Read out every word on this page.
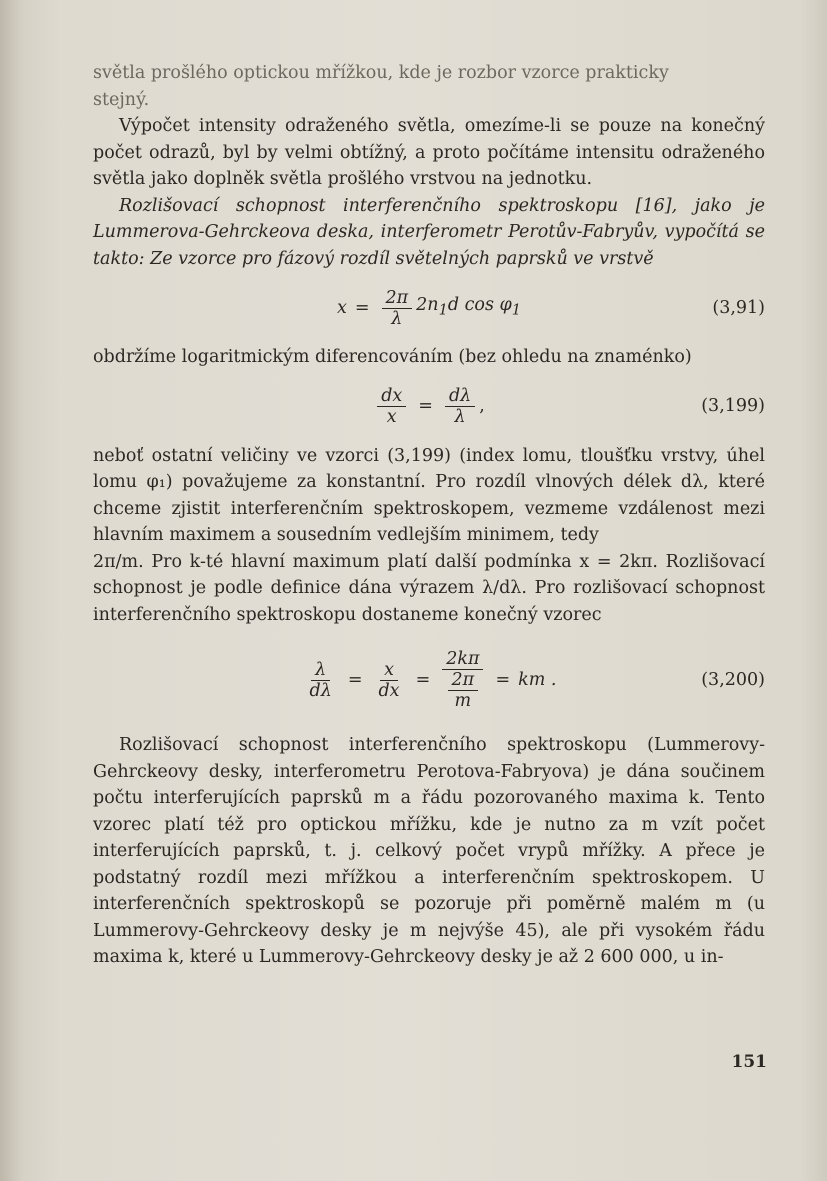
světla prošlého optickou mřížkou, kde je rozbor vzorce prakticky

stejný.

Výpočet intensity odraženého světla, omezíme-li se pouze na konečný počet odrazů, byl by velmi obtížný, a proto počítáme intensitu odraženého světla jako doplněk světla prošlého vrstvou na jednotku.

Rozlišovací schopnost interferenčního spektroskopu [16], jako je Lummerova-Gehrckeova deska, interferometr Perotův-Fabryův, vypočítá se takto: Ze vzorce pro fázový rozdíl světelných paprsků ve vrstvě

$x = \frac{2\pi}{\lambda} 2n_1d$ $\cos \varphi_1$	(3,91)

obdržíme logaritmickým diferencováním (bez ohledu na znaménko)

$\frac{dx}{x} = \frac{d\lambda}{\lambda}$ ,	(3,199)

neboť ostatní veličiny ve vzorci (3,199) (index lomu, tloušťku vrstvy, úhel lomu φ₁) považujeme za konstantní. Pro rozdíl vlnových délek dλ, které chceme zjistit interferenčním spektroskopem, vezmeme vzdálenost mezi hlavním maximem a sousedním vedlejším minimem, tedy

2π/m. Pro k-té hlavní maximum platí další podmínka x = 2kπ. Rozlišovací schopnost je podle definice dána výrazem λ/dλ. Pro rozlišovací schopnost interferenčního spektroskopu dostaneme konečný vzorec

$\frac{\lambda}{d\lambda} = \frac{x}{dx} = 2k\pi$
2π
m = km .	(3,200)

Rozlišovací schopnost interferenčního spektroskopu (Lummerovy-Gehrckeovy desky, interferometru Perotova-Fabryova) je dána součinem počtu interferujících paprsků m a řádu pozorovaného maxima k. Tento vzorec platí též pro optickou mřížku, kde je nutno za m vzít počet interferujících paprsků, t. j. celkový počet vrypů mřížky. A přece je podstatný rozdíl mezi mřížkou a interferenčním spektroskopem. U interferenčních spektroskopů se pozoruje při poměrně malém m (u Lummerovy-Gehrckeovy desky je m nejvýše 45), ale při vysokém řádu maxima k, které u Lummerovy-Gehrckeovy desky je až 2 600 000, u in-

151
